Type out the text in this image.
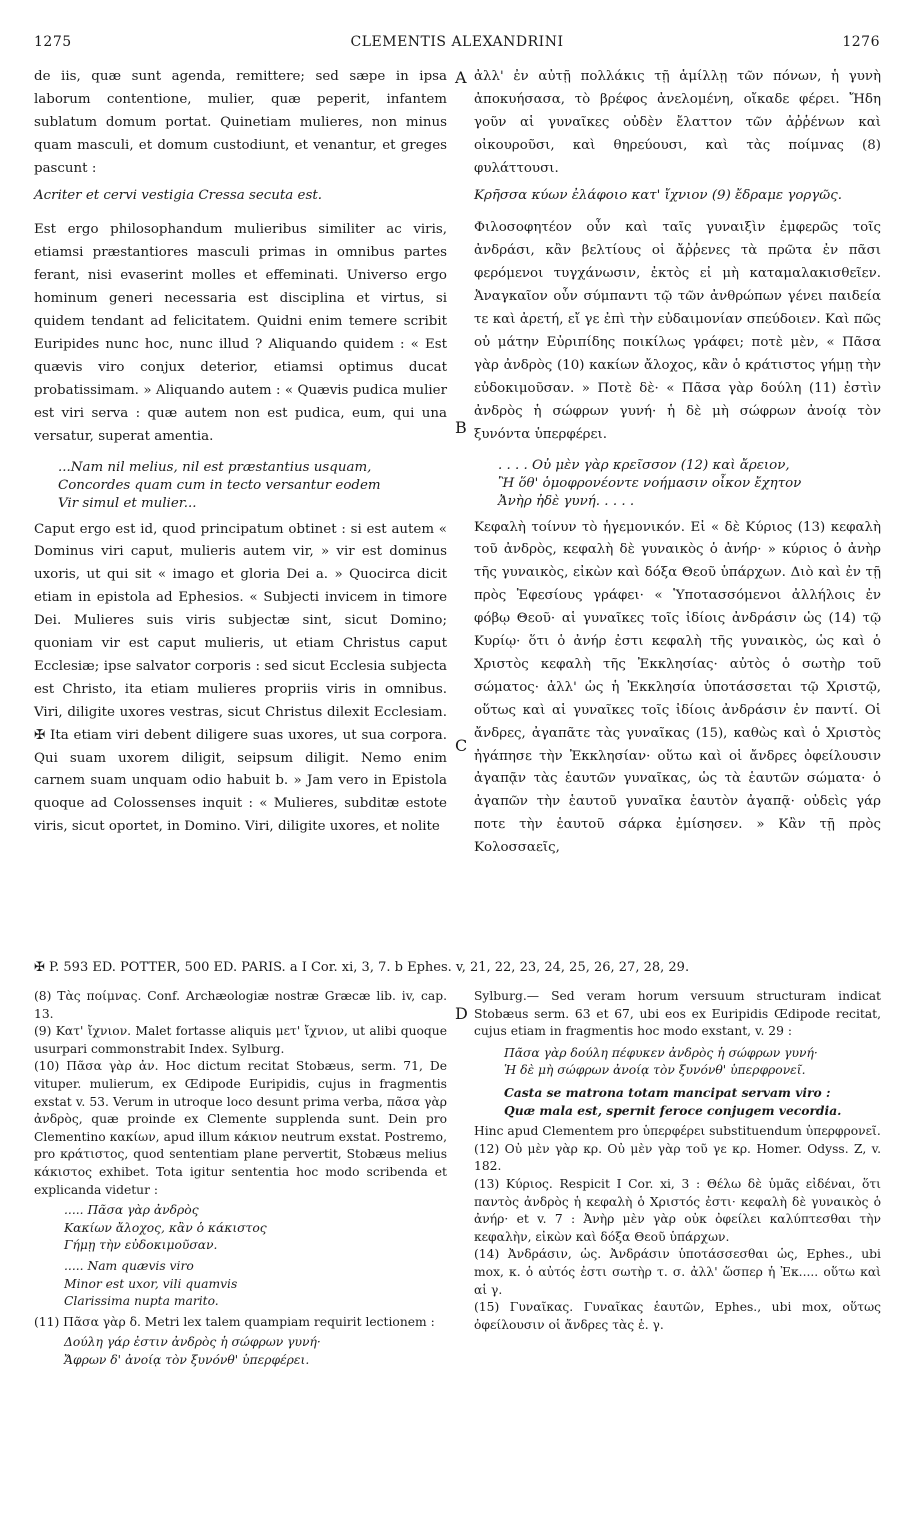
1275	CLEMENTIS ALEXANDRINI	1276
A
B
C
D

de iis, quæ sunt agenda, remittere; sed sæpe in ipsa laborum contentione, mulier, quæ peperit, infantem sublatum domum portat. Quinetiam mulieres, non minus quam masculi, et domum custodiunt, et venantur, et greges pascunt :

Acriter et cervi vestigia Cressa secuta est.

Est ergo philosophandum mulieribus similiter ac viris, etiamsi præstantiores masculi primas in omnibus partes ferant, nisi evaserint molles et effeminati. Universo ergo hominum generi necessaria est disciplina et virtus, si quidem tendant ad felicitatem. Quidni enim temere scribit Euripides nunc hoc, nunc illud ? Aliquando quidem : « Est quævis viro conjux deterior, etiamsi optimus ducat probatissimam. » Aliquando autem : « Quævis pudica mulier est viri serva : quæ autem non est pudica, eum, qui una versatur, superat amentia.

...Nam nil melius, nil est præstantius usquam,
Concordes quam cum in tecto versantur eodem
Vir simul et mulier...

Caput ergo est id, quod principatum obtinet : si est autem « Dominus viri caput, mulieris autem vir, » vir est dominus uxoris, ut qui sit « imago et gloria Dei a. » Quocirca dicit etiam in epistola ad Ephesios. « Subjecti invicem in timore Dei. Mulieres suis viris subjectæ sint, sicut Domino; quoniam vir est caput mulieris, ut etiam Christus caput Ecclesiæ; ipse salvator corporis : sed sicut Ecclesia subjecta est Christo, ita etiam mulieres propriis viris in omnibus. Viri, diligite uxores vestras, sicut Christus dilexit Ecclesiam. ✠ Ita etiam viri debent diligere suas uxores, ut sua corpora. Qui suam uxorem diligit, seipsum diligit. Nemo enim carnem suam unquam odio habuit b. » Jam vero in Epistola quoque ad Colossenses inquit : « Mulieres, subditæ estote viris, sicut oportet, in Domino. Viri, diligite uxores, et nolite

ἀλλ' ἐν αὐτῇ πολλάκις τῇ ἁμίλλῃ τῶν πόνων, ἡ γυνὴ ἀποκυήσασα, τὸ βρέφος ἀνελομένη, οἴκαδε φέρει. Ἤδη γοῦν αἱ γυναῖκες οὐδὲν ἔλαττον τῶν ἀῤῥένων καὶ οἰκουροῦσι, καὶ θηρεύουσι, καὶ τὰς ποίμνας (8) φυλάττουσι.

Κρῆσσα κύων ἐλάφοιο κατ' ἴχνιον (9) ἔδραμε γοργῶς.

Φιλοσοφητέον οὖν καὶ ταῖς γυναιξὶν ἐμφερῶς τοῖς ἀνδράσι, κἂν βελτίους οἱ ἄῤῥενες τὰ πρῶτα ἐν πᾶσι φερόμενοι τυγχάνωσιν, ἐκτὸς εἰ μὴ καταμαλακισθεῖεν. Ἀναγκαῖον οὖν σύμπαντι τῷ τῶν ἀνθρώπων γένει παιδεία τε καὶ ἀρετή, εἴ γε ἐπὶ τὴν εὐδαιμονίαν σπεύδοιεν. Καὶ πῶς οὐ μάτην Εὐριπίδης ποικίλως γράφει; ποτὲ μὲν, « Πᾶσα γὰρ ἀνδρὸς (10) κακίων ἄλοχος, κἂν ὁ κράτιστος γήμῃ τὴν εὐδοκιμοῦσαν. » Ποτὲ δὲ· « Πᾶσα γὰρ δούλη (11) ἐστὶν ἀνδρὸς ἡ σώφρων γυνή· ἡ δὲ μὴ σώφρων ἀνοίᾳ τὸν ξυνόντα ὑπερφέρει.

. . . . Οὐ μὲν γὰρ κρεῖσσον (12) καὶ ἄρειον,
Ἢ ὅθ' ὁμοφρονέοντε νοήμασιν οἶκον ἔχητον
Ἀνὴρ ἠδὲ γυνή. . . . .

Κεφαλὴ τοίνυν τὸ ἡγεμονικόν. Εἰ « δὲ Κύριος (13) κεφαλὴ τοῦ ἀνδρὸς, κεφαλὴ δὲ γυναικὸς ὁ ἀνήρ· » κύριος ὁ ἀνὴρ τῆς γυναικὸς, εἰκὼν καὶ δόξα Θεοῦ ὑπάρχων. Διὸ καὶ ἐν τῇ πρὸς Ἐφεσίους γράφει· « Ὑποτασσόμενοι ἀλλήλοις ἐν φόβῳ Θεοῦ· αἱ γυναῖκες τοῖς ἰδίοις ἀνδράσιν ὡς (14) τῷ Κυρίῳ· ὅτι ὁ ἀνήρ ἐστι κεφαλὴ τῆς γυναικὸς, ὡς καὶ ὁ Χριστὸς κεφαλὴ τῆς Ἐκκλησίας· αὐτὸς ὁ σωτὴρ τοῦ σώματος· ἀλλ' ὡς ἡ Ἐκκλησία ὑποτάσσεται τῷ Χριστῷ, οὕτως καὶ αἱ γυναῖκες τοῖς ἰδίοις ἀνδράσιν ἐν παντί. Οἱ ἄνδρες, ἀγαπᾶτε τὰς γυναῖκας (15), καθὼς καὶ ὁ Χριστὸς ἠγάπησε τὴν Ἐκκλησίαν· οὕτω καὶ οἱ ἄνδρες ὀφείλουσιν ἀγαπᾷν τὰς ἑαυτῶν γυναῖκας, ὡς τὰ ἑαυτῶν σώματα· ὁ ἀγαπῶν τὴν ἑαυτοῦ γυναῖκα ἑαυτὸν ἀγαπᾷ· οὐδεὶς γάρ ποτε τὴν ἑαυτοῦ σάρκα ἐμίσησεν. » Κἂν τῇ πρὸς Κολοσσαεῖς,

✠ P. 593 ED. POTTER, 500 ED. PARIS. a I Cor. xi, 3, 7. b Ephes. v, 21, 22, 23, 24, 25, 26, 27, 28, 29.

(8) Τὰς ποίμνας. Conf. Archæologiæ nostræ Græcæ lib. iv, cap. 13.

(9) Κατ' ἴχνιον. Malet fortasse aliquis μετ' ἴχνιον, ut alibi quoque usurpari commonstrabit Index. Sylburg.

(10) Πᾶσα γὰρ ἀν. Hoc dictum recitat Stobæus, serm. 71, De vituper. mulierum, ex Œdipode Euripidis, cujus in fragmentis exstat v. 53. Verum in utroque loco desunt prima verba, πᾶσα γὰρ ἀνδρὸς, quæ proinde ex Clemente supplenda sunt. Dein pro Clementino κακίων, apud illum κάκιον neutrum exstat. Postremo, pro κράτιστος, quod sententiam plane pervertit, Stobæus melius κάκιστος exhibet. Tota igitur sententia hoc modo scribenda et explicanda videtur :

..... Πᾶσα γὰρ ἀνδρὸς
Κακίων ἄλοχος, κἂν ὁ κάκιστος
Γήμῃ τὴν εὐδοκιμοῦσαν.
..... Nam quævis viro
Minor est uxor, vili quamvis
Clarissima nupta marito.

(11) Πᾶσα γὰρ δ. Metri lex talem quampiam requirit lectionem :

Δούλη γάρ ἐστιν ἀνδρὸς ἡ σώφρων γυνή·
Ἄφρων δ' ἀνοίᾳ τὸν ξυνόνθ' ὑπερφέρει.

Sylburg.— Sed veram horum versuum structuram indicat Stobæus serm. 63 et 67, ubi eos ex Euripidis Œdipode recitat, cujus etiam in fragmentis hoc modo exstant, v. 29 :

Πᾶσα γὰρ δούλη πέφυκεν ἀνδρὸς ἡ σώφρων γυνή·
Ἡ δὲ μὴ σώφρων ἀνοίᾳ τὸν ξυνόνθ' ὑπερφρονεῖ.
Casta se matrona totam mancipat servam viro :
Quæ mala est, spernit feroce conjugem vecordia.

Hinc apud Clementem pro ὑπερφέρει substituendum ὑπερφρονεῖ.

(12) Οὐ μὲν γὰρ κρ. Οὐ μὲν γὰρ τοῦ γε κρ. Homer. Odyss. Z, v. 182.

(13) Κύριος. Respicit I Cor. xi, 3 : Θέλω δὲ ὑμᾶς εἰδέναι, ὅτι παντὸς ἀνδρὸς ἡ κεφαλὴ ὁ Χριστός ἐστι· κεφαλὴ δὲ γυναικὸς ὁ ἀνήρ· et v. 7 : Ἀνὴρ μὲν γὰρ οὐκ ὀφείλει καλύπτεσθαι τὴν κεφαλὴν, εἰκὼν καὶ δόξα Θεοῦ ὑπάρχων.

(14) Ἀνδράσιν, ὡς. Ἀνδράσιν ὑποτάσσεσθαι ὡς, Ephes., ubi mox, κ. ὁ αὐτός ἐστι σωτὴρ τ. σ. ἀλλ' ὥσπερ ἡ Ἐκ..... οὕτω καὶ αἱ γ.

(15) Γυναῖκας. Γυναῖκας ἑαυτῶν, Ephes., ubi mox, οὕτως ὀφείλουσιν οἱ ἄνδρες τὰς ἑ. γ.
